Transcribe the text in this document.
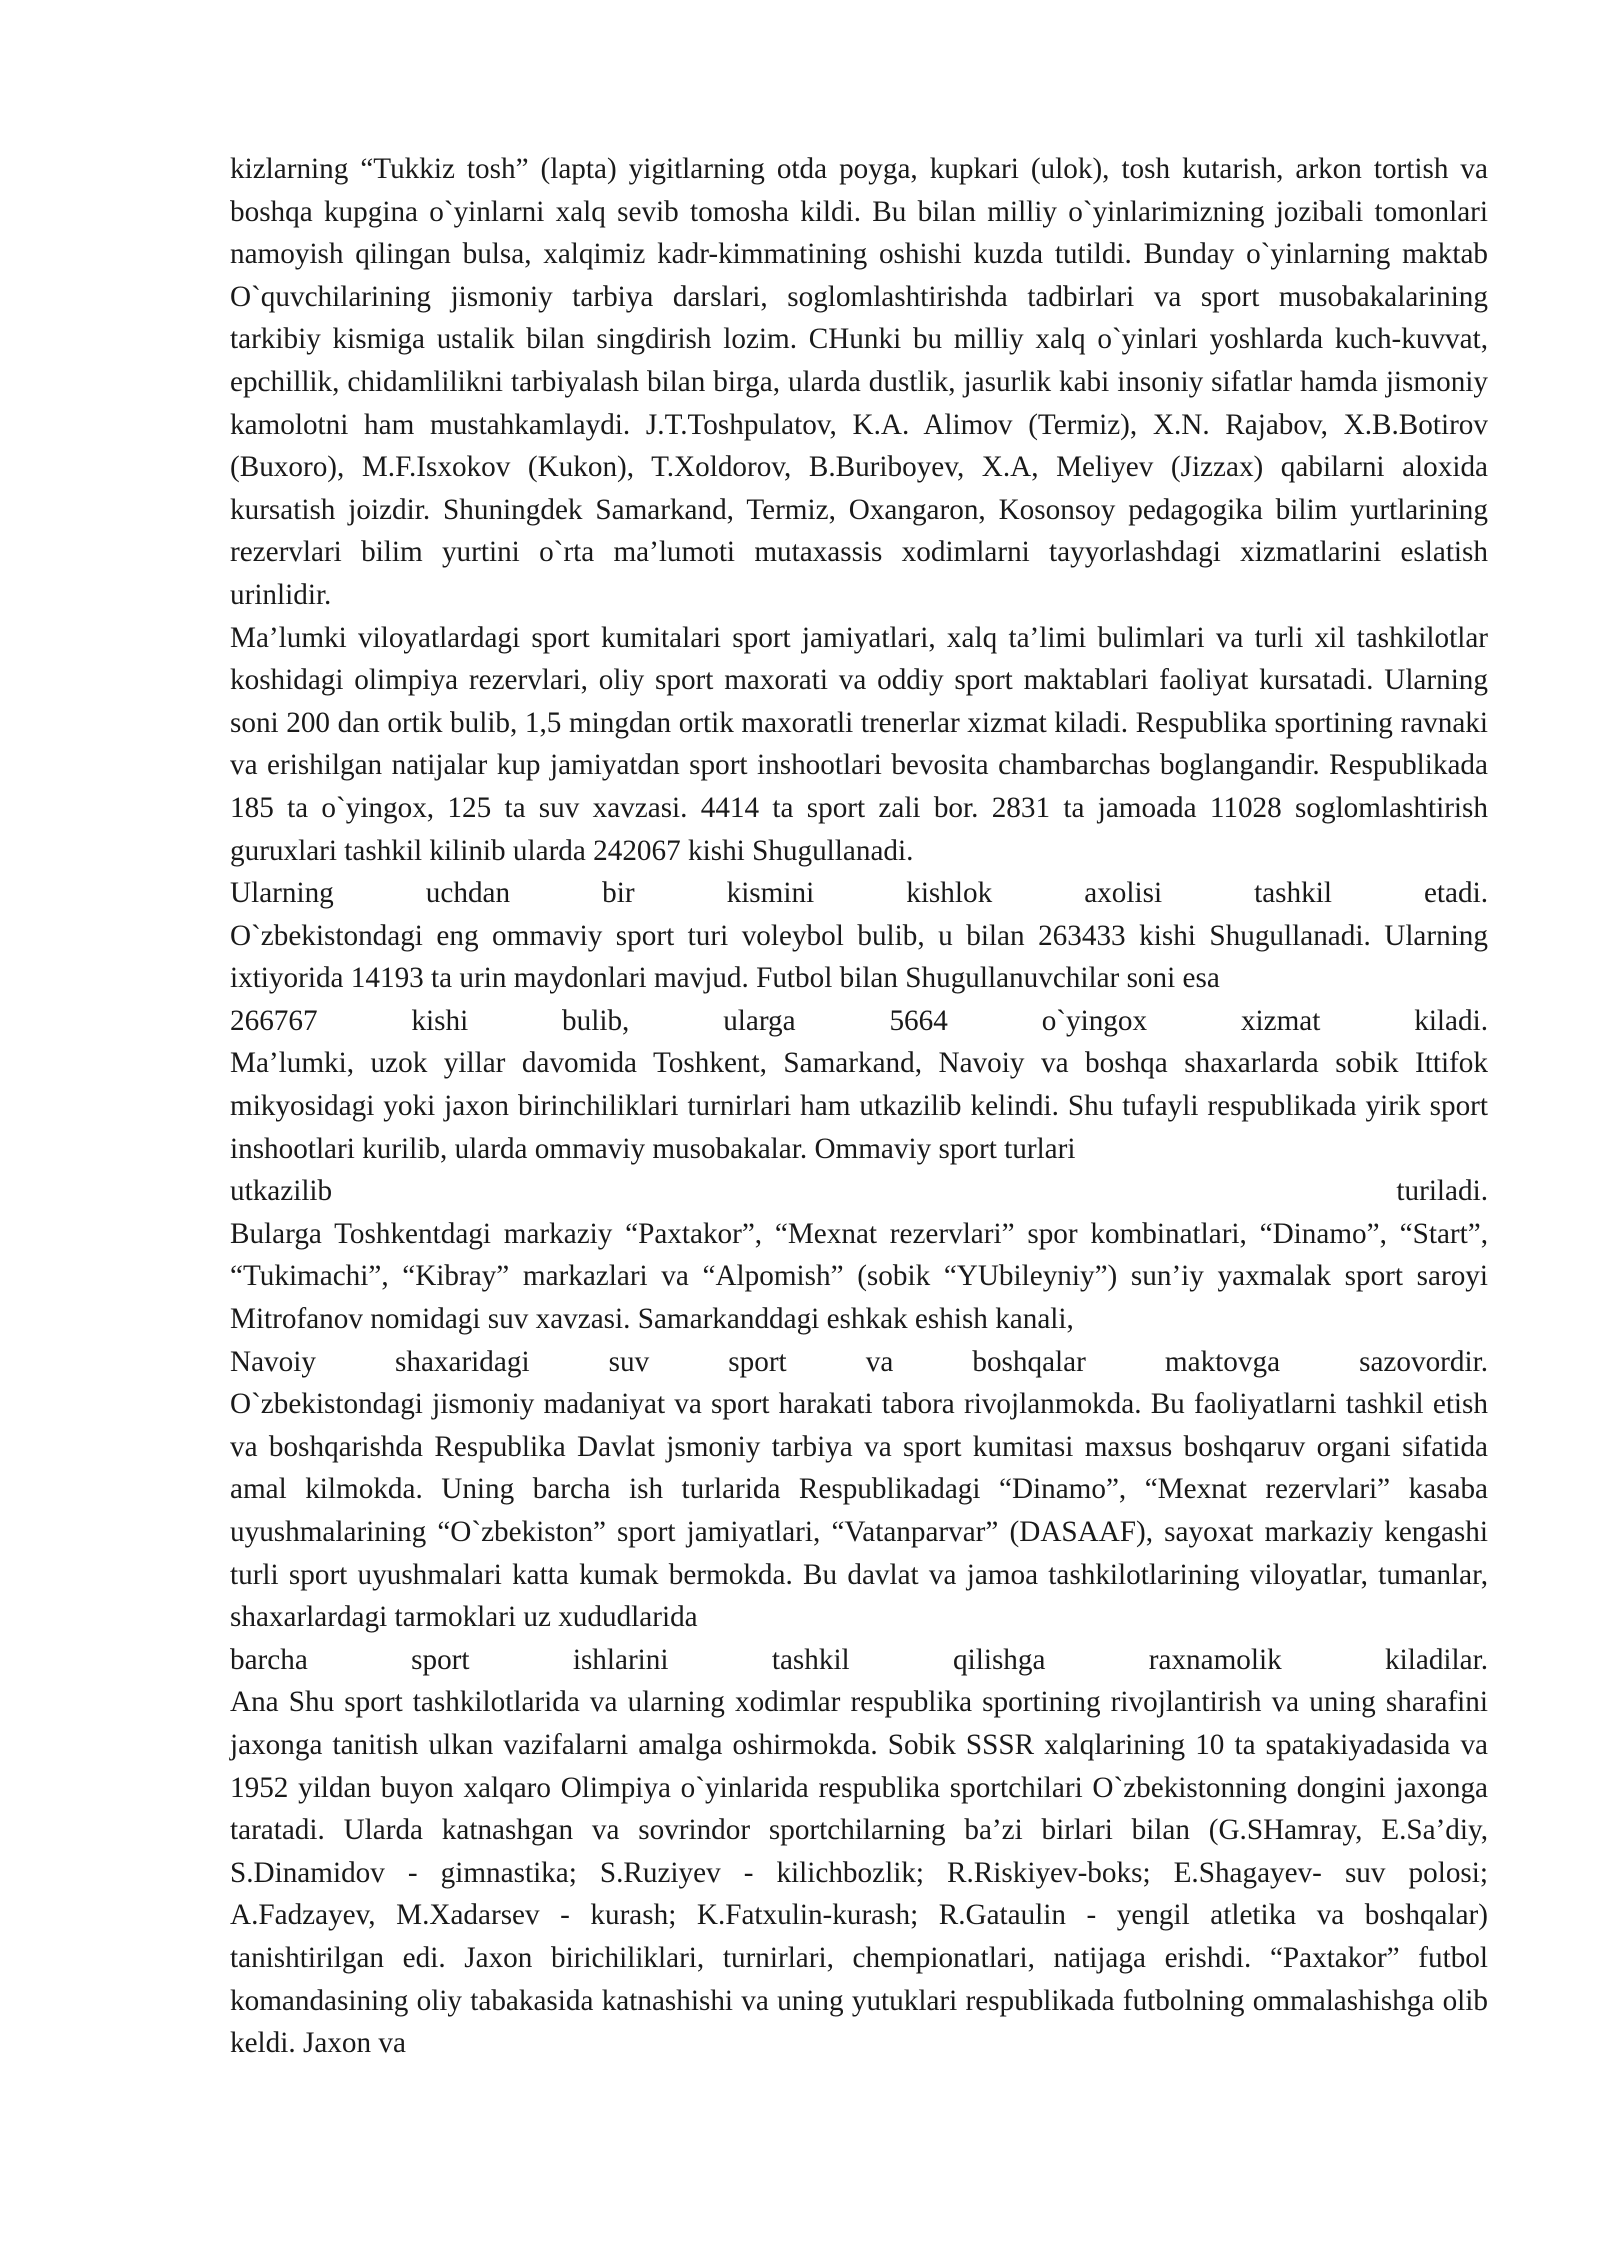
kizlarning “Tukkiz tosh” (lapta) yigitlarning otda poyga, kupkari (ulok), tosh kutarish, arkon tortish va boshqa kupgina o`yinlarni xalq sevib tomosha kildi. Bu bilan milliy o`yinlarimizning jozibali tomonlari namoyish qilingan bulsa, xalqimiz kadr-kimmatining oshishi kuzda tutildi. Bunday o`yinlarning maktab O`quvchilarining jismoniy tarbiya darslari, soglomlashtirishda tadbirlari va sport musobakalarining tarkibiy kismiga ustalik bilan singdirish lozim. CHunki bu milliy xalq o`yinlari yoshlarda kuch-kuvvat, epchillik, chidamlilikni tarbiyalash bilan birga, ularda dustlik, jasurlik kabi insoniy sifatlar hamda jismoniy kamolotni ham mustahkamlaydi. J.T.Toshpulatov, K.A. Alimov (Termiz), X.N. Rajabov, X.B.Botirov (Buxoro), M.F.Isxokov (Kukon), T.Xoldorov, B.Buriboyev, X.A, Meliyev (Jizzax) qabilarni aloxida kursatish joizdir. Shuningdek Samarkand, Termiz, Oxangaron, Kosonsoy pedagogika bilim yurtlarining rezervlari bilim yurtini o`rta ma’lumoti mutaxassis xodimlarni tayyorlashdagi xizmatlarini eslatish urinlidir.

Ma’lumki viloyatlardagi sport kumitalari sport jamiyatlari, xalq ta’limi bulimlari va turli xil tashkilotlar koshidagi olimpiya rezervlari, oliy sport maxorati va oddiy sport maktablari faoliyat kursatadi. Ularning soni 200 dan ortik bulib, 1,5 mingdan ortik maxoratli trenerlar xizmat kiladi. Respublika sportining ravnaki va erishilgan natijalar kup jamiyatdan sport inshootlari bevosita chambarchas boglangandir. Respublikada 185 ta o`yingox, 125 ta suv xavzasi. 4414 ta sport zali bor. 2831 ta jamoada 11028 soglomlashtirish guruxlari tashkil kilinib ularda 242067 kishi Shugullanadi.

Ularning uchdan bir kismini kishlok axolisi tashkil etadi.

O`zbekistondagi eng ommaviy sport turi voleybol bulib, u bilan 263433 kishi Shugullanadi. Ularning ixtiyorida 14193 ta urin maydonlari mavjud. Futbol bilan Shugullanuvchilar soni esa

266767 kishi bulib, ularga 5664 o`yingox xizmat kiladi.

Ma’lumki, uzok yillar davomida Toshkent, Samarkand, Navoiy va boshqa shaxarlarda sobik Ittifok mikyosidagi yoki jaxon birinchiliklari turnirlari ham utkazilib kelindi. Shu tufayli respublikada yirik sport inshootlari kurilib, ularda ommaviy musobakalar. Ommaviy sport turlari

utkazilib turiladi.

Bularga Toshkentdagi markaziy “Paxtakor”, “Mexnat rezervlari” spor kombinatlari, “Dinamo”, “Start”, “Tukimachi”, “Kibray” markazlari va “Alpomish” (sobik “YUbileyniy”) sun’iy yaxmalak sport saroyi Mitrofanov nomidagi suv xavzasi. Samarkanddagi eshkak eshish kanali,

Navoiy shaxaridagi suv sport va boshqalar maktovga sazovordir.

O`zbekistondagi jismoniy madaniyat va sport harakati tabora rivojlanmokda. Bu faoliyatlarni tashkil etish va boshqarishda Respublika Davlat jsmoniy tarbiya va sport kumitasi maxsus boshqaruv organi sifatida amal kilmokda. Uning barcha ish turlarida Respublikadagi “Dinamo”, “Mexnat rezervlari” kasaba uyushmalarining “O`zbekiston” sport jamiyatlari, “Vatanparvar” (DASAAF), sayoxat markaziy kengashi turli sport uyushmalari katta kumak bermokda. Bu davlat va jamoa tashkilotlarining viloyatlar, tumanlar, shaxarlardagi tarmoklari uz xududlarida

barcha sport ishlarini tashkil qilishga raxnamolik kiladilar.

Ana Shu sport tashkilotlarida va ularning xodimlar respublika sportining rivojlantirish va uning sharafini jaxonga tanitish ulkan vazifalarni amalga oshirmokda. Sobik SSSR xalqlarining 10 ta spatakiyadasida va 1952 yildan buyon xalqaro Olimpiya o`yinlarida respublika sportchilari O`zbekistonning dongini jaxonga taratadi. Ularda katnashgan va sovrindor sportchilarning ba’zi birlari bilan (G.SHamray, E.Sa’diy, S.Dinamidov - gimnastika; S.Ruziyev - kilichbozlik; R.Riskiyev-boks; E.Shagayev- suv polosi; A.Fadzayev, M.Xadarsev - kurash; K.Fatxulin-kurash; R.Gataulin - yengil atletika va boshqalar) tanishtirilgan edi. Jaxon birichiliklari, turnirlari, chempionatlari, natijaga erishdi. “Paxtakor” futbol komandasining oliy tabakasida katnashishi va uning yutuklari respublikada futbolning ommalashishga olib keldi. Jaxon va
